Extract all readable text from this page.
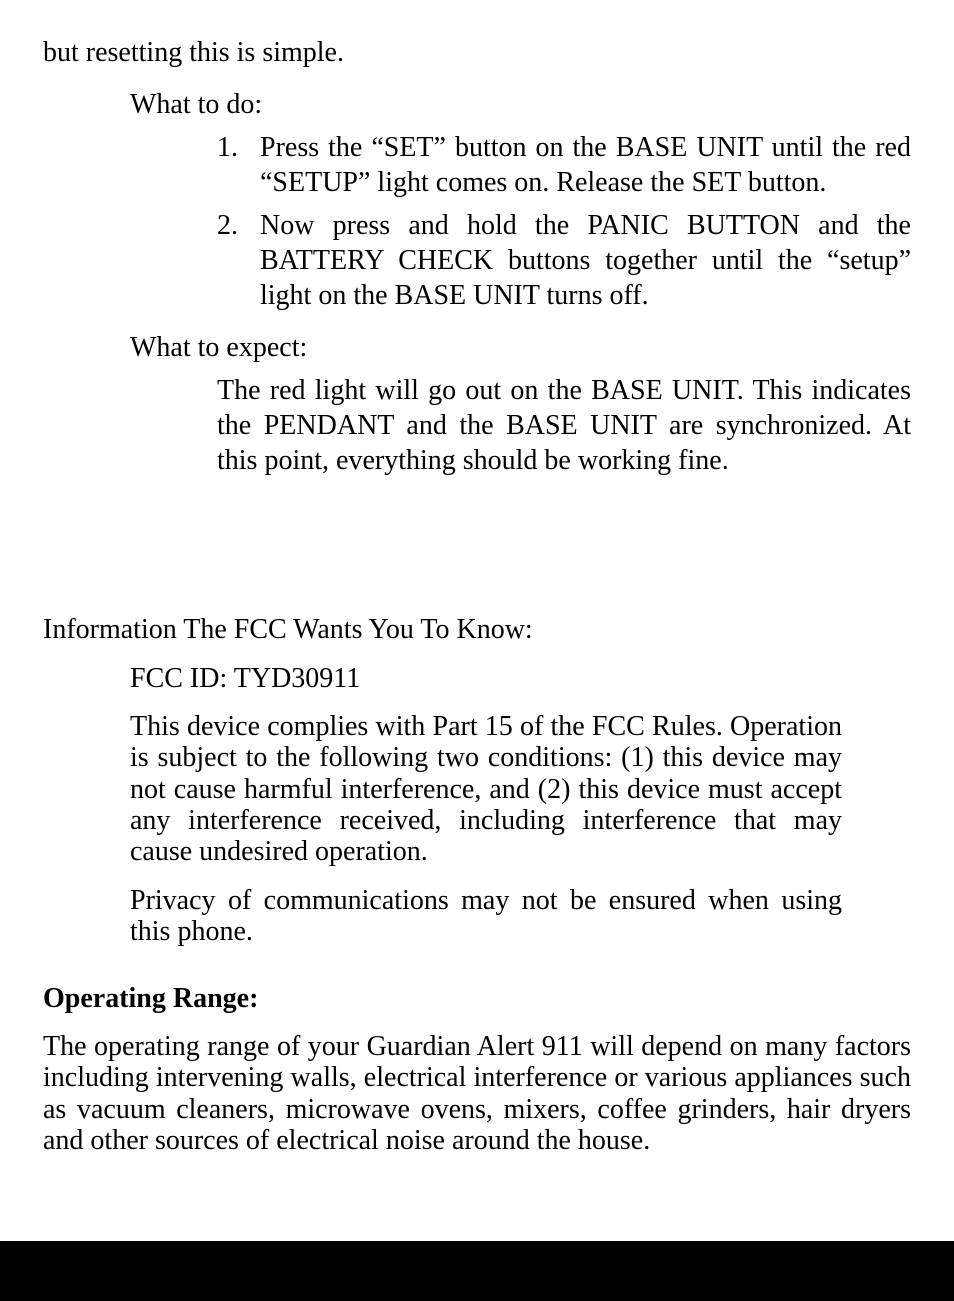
but resetting this is simple.

What to do:

1. Press the “SET” button on the BASE UNIT until the red “SETUP” light comes on. Release the SET button.

2. Now press and hold the PANIC BUTTON and the BATTERY CHECK buttons together until the “setup” light on the BASE UNIT turns off.

What to expect:

The red light will go out on the BASE UNIT. This indicates the PENDANT and the BASE UNIT are synchronized. At this point, everything should be working fine.

Information The FCC Wants You To Know:

FCC ID: TYD30911

This device complies with Part 15 of the FCC Rules. Operation is subject to the following two conditions: (1) this device may not cause harmful interference, and (2) this device must accept any interference received, including interference that may cause undesired operation.

Privacy of communications may not be ensured when using this phone.

Operating Range:

The operating range of your Guardian Alert 911 will depend on many factors including intervening walls, electrical interference or various appliances such as vacuum cleaners, microwave ovens, mixers, coffee grinders, hair dryers and other sources of electrical noise around the house.
